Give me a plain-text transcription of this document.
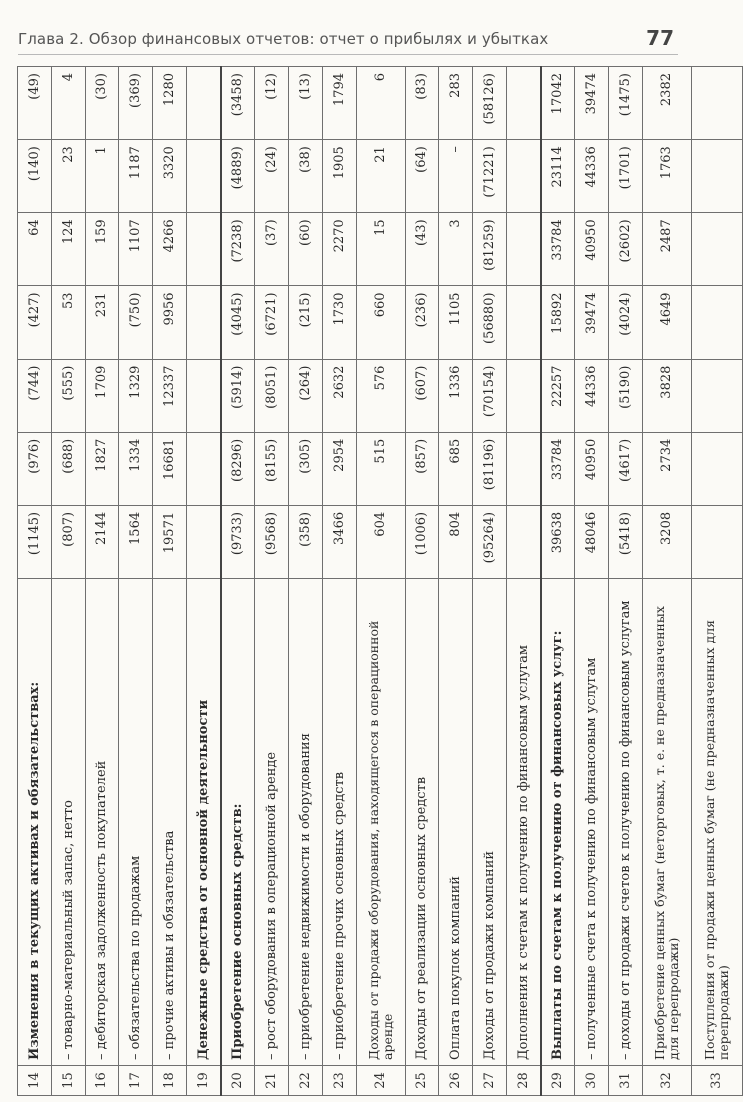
Глава 2. Обзор финансовых отчетов: отчет о прибылях и убытках	77
14	Изменения в текущих активах и обязательствах:	(1145)	(976)	(744)	(427)	64	(140)	(49)
15	– товарно-материальный запас, нетто	(807)	(688)	(555)	53	124	23	4
16	– дебиторская задолженность покупателей	2144	1827	1709	231	159	1	(30)
17	– обязательства по продажам	1564	1334	1329	(750)	1107	1187	(369)
18	– прочие активы и обязательства	19571	16681	12337	9956	4266	3320	1280
19	Денежные средства от основной деятельности							
20	Приобретение основных средств:	(9733)	(8296)	(5914)	(4045)	(7238)	(4889)	(3458)
21	– рост оборудования в операционной аренде	(9568)	(8155)	(8051)	(6721)	(37)	(24)	(12)
22	– приобретение недвижимости и оборудования	(358)	(305)	(264)	(215)	(60)	(38)	(13)
23	– приобретение прочих основных средств	3466	2954	2632	1730	2270	1905	1794
24	Доходы от продажи оборудования, находящегося в операционной аренде	604	515	576	660	15	21	6
25	Доходы от реализации основных средств	(1006)	(857)	(607)	(236)	(43)	(64)	(83)
26	Оплата покупок компаний	804	685	1336	1105	3	–	283
27	Доходы от продажи компаний	(95264)	(81196)	(70154)	(56880)	(81259)	(71221)	(58126)
28	Дополнения к счетам к получению по финансовым услугам							
29	Выплаты по счетам к получению от финансовых услуг:	39638	33784	22257	15892	33784	23114	17042
30	– полученные счета к получению по финансовым услугам	48046	40950	44336	39474	40950	44336	39474
31	– доходы от продажи счетов к получению по финансовым услугам	(5418)	(4617)	(5190)	(4024)	(2602)	(1701)	(1475)
32	Приобретение ценных бумаг (неторговых, т. е. не предназначенных для перепродажи)	3208	2734	3828	4649	2487	1763	2382
33	Поступления от продажи ценных бумаг (не предназначенных для перепродажи)							
